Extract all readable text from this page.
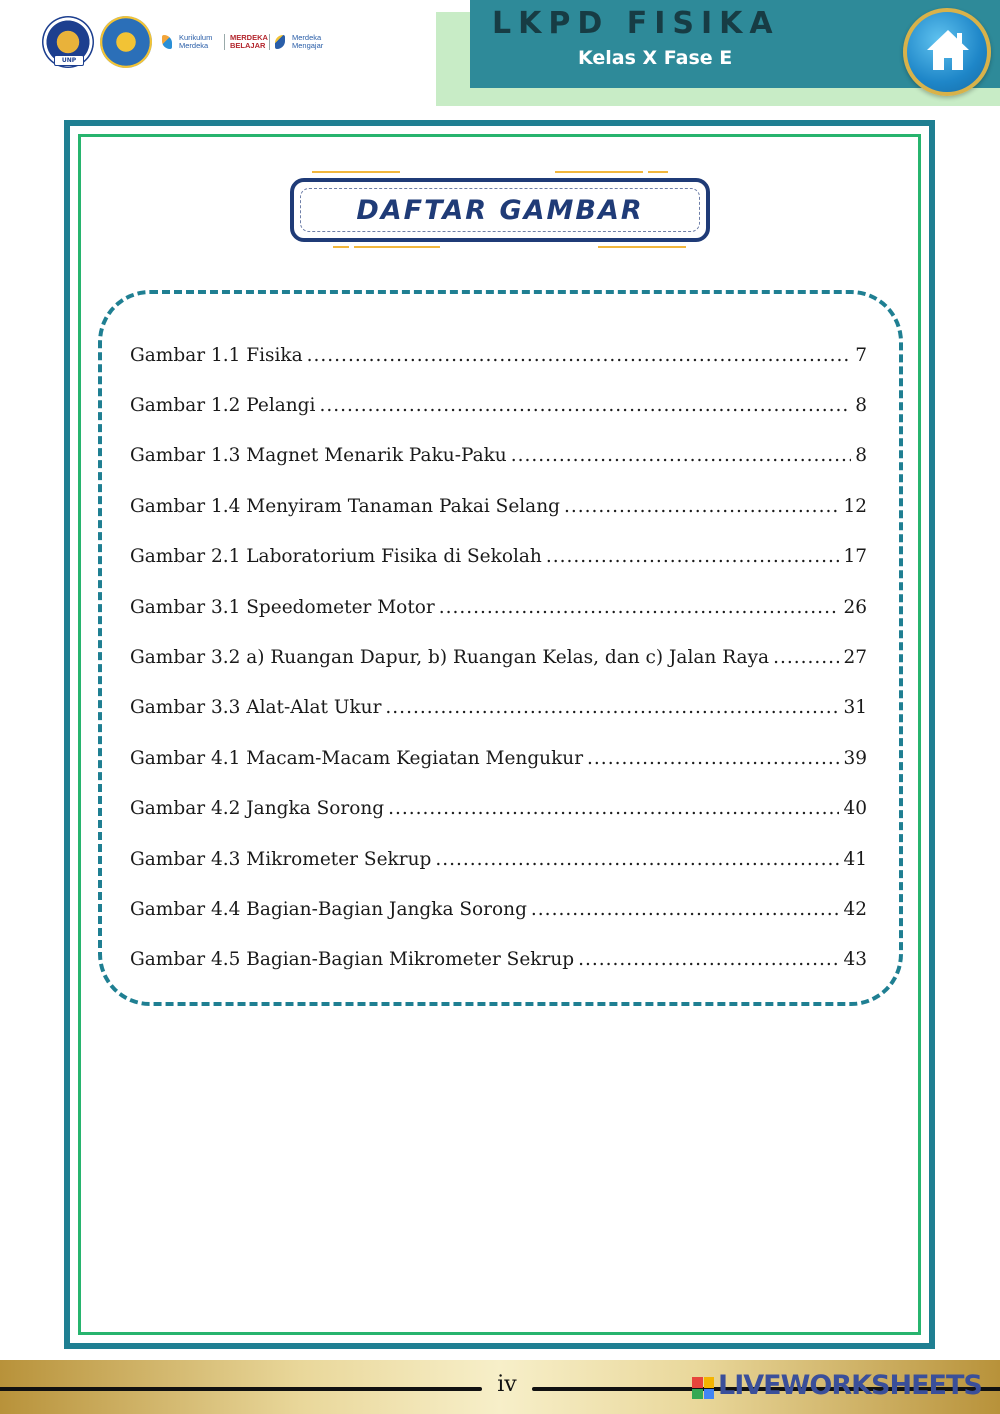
UNP
Kurikulum Merdeka
MERDEKA BELAJAR
Merdeka Mengajar
LKPD FISIKA
Kelas X Fase E
DAFTAR GAMBAR
Gambar 1.1 Fisika .....	7
Gambar 1.2 Pelangi .....	8
Gambar 1.3 Magnet Menarik Paku-Paku .....	8
Gambar 1.4 Menyiram Tanaman Pakai Selang .....	12
Gambar 2.1 Laboratorium Fisika di Sekolah .....	17
Gambar 3.1 Speedometer Motor .....	26
Gambar 3.2 a) Ruangan Dapur, b) Ruangan Kelas, dan c) Jalan Raya .....	27
Gambar 3.3 Alat-Alat Ukur .....	31
Gambar 4.1 Macam-Macam Kegiatan Mengukur .....	39
Gambar 4.2 Jangka Sorong .....	40
Gambar 4.3 Mikrometer Sekrup .....	41
Gambar 4.4 Bagian-Bagian Jangka Sorong .....	42
Gambar 4.5 Bagian-Bagian Mikrometer Sekrup .....	43
iv	LIVEWORKSHEETS
